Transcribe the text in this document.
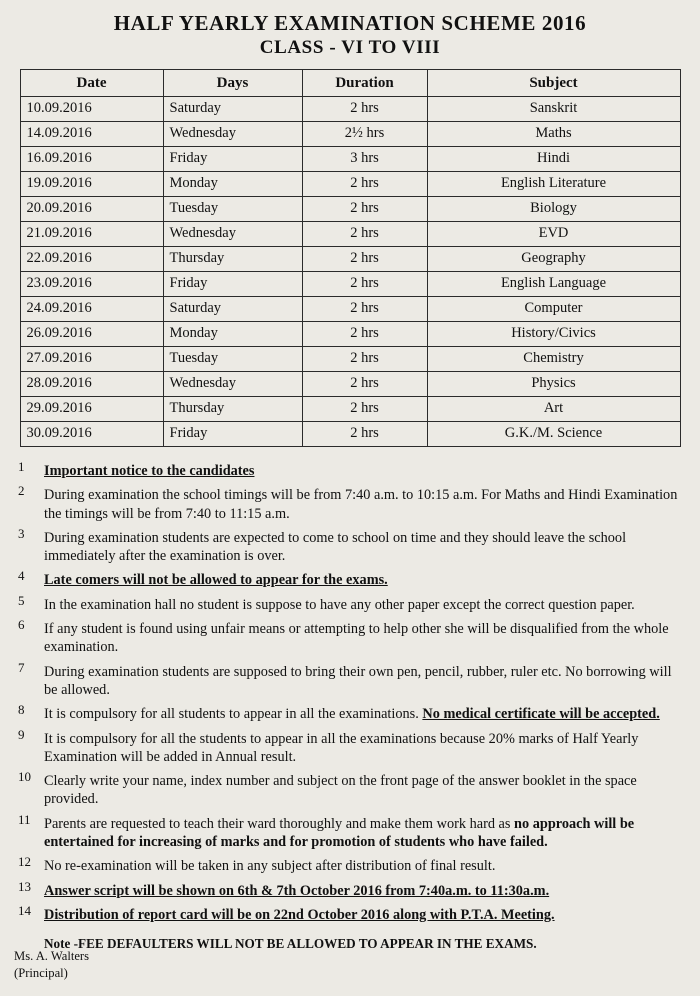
HALF YEARLY EXAMINATION SCHEME 2016
CLASS - VI TO VIII
Date	Days	Duration	Subject
10.09.2016	Saturday	2 hrs	Sanskrit
14.09.2016	Wednesday	2½ hrs	Maths
16.09.2016	Friday	3 hrs	Hindi
19.09.2016	Monday	2 hrs	English Literature
20.09.2016	Tuesday	2 hrs	Biology
21.09.2016	Wednesday	2 hrs	EVD
22.09.2016	Thursday	2 hrs	Geography
23.09.2016	Friday	2 hrs	English Language
24.09.2016	Saturday	2 hrs	Computer
26.09.2016	Monday	2 hrs	History/Civics
27.09.2016	Tuesday	2 hrs	Chemistry
28.09.2016	Wednesday	2 hrs	Physics
29.09.2016	Thursday	2 hrs	Art
30.09.2016	Friday	2 hrs	G.K./M. Science
1	Important notice to the candidates
2	During examination the school timings will be from 7:40 a.m. to 10:15 a.m. For Maths and Hindi Examination the timings will be from 7:40 to 11:15 a.m.
3	During examination students are expected to come to school on time and they should leave the school immediately after the examination is over.
4	Late comers will not be allowed to appear for the exams.
5	In the examination hall no student is suppose to have any other paper except the correct question paper.
6	If any student is found using unfair means or attempting to help other she will be disqualified from the whole examination.
7	During examination students are supposed to bring their own pen, pencil, rubber, ruler etc. No borrowing will be allowed.
8	It is compulsory for all students to appear in all the examinations. No medical certificate will be accepted.
9	It is compulsory for all the students to appear in all the examinations because 20% marks of Half Yearly Examination will be added in Annual result.
10 Clearly write your name, index number and subject on the front page of the answer booklet in the space provided.
11 Parents are requested to teach their ward thoroughly and make them work hard as no approach will be entertained for increasing of marks and for promotion of students who have failed.
12 No re-examination will be taken in any subject after distribution of final result.
13 Answer script will be shown on 6th & 7th October 2016 from 7:40a.m. to 11:30a.m.
14 Distribution of report card will be on 22nd October 2016 along with P.T.A. Meeting.
Note -FEE DEFAULTERS WILL NOT BE ALLOWED TO APPEAR IN THE EXAMS.
Ms. A. Walters
(Principal)
